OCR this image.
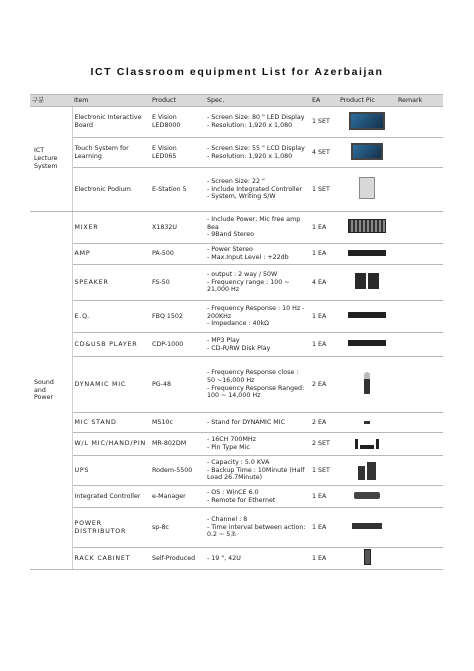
ICT Classroom equipment List for Azerbaijan
구분	Item	Product	Spec.	EA	Product Pic	Remark
ICT
Lecture
System	Electronic Interactive Board	E Vision LED8000	- Screen Size: 80 " LED Display
- Resolution: 1,920 x 1,080	1 SET		
	Touch System for Learning	E Vision LED065	- Screen Size: 55 " LCD Display
- Resolution: 1,920 x 1,080	4 SET		
	Electronic Podium	E-Station 5	- Screen Size: 22 "
- Include Integrated Controller
- System, Writing S/W	1 SET		
Sound
and
Power	MIXER	X1832U	- Include Power, Mic free amp 8ea
- 9Band Stereo	1 EA		
	AMP	PA-500	- Power Stereo
- Max.Input Level : +22db	1 EA		
	SPEAKER	FS-50	- output : 2 way / 50W
- Frequency range : 100 ~ 21,000 Hz	4 EA		
	E.Q.	FBQ 1502	- Frequency Response : 10 Hz - 200KHz
- Impedance : 40kΩ	1 EA		
	CD&USB PLAYER	CDP-1000	- MP3 Play
- CD-R/RW Disk Play	1 EA		
	DYNAMIC MIC	PG-48	- Frequency Response close : 50 ~16,000 Hz
- Frequency Response Ranged: 100 ~ 14,000 Hz	2 EA		
	MIC STAND	MS10c	- Stand for DYNAMIC MIC	2 EA		
	W/L MIC/HAND/PIN	MR-802DM	- 16CH 700MHz
- Pin Type Mic	2 SET		
	UPS	Rodem-5500	- Capacity : 5.0 KVA
- Backup Time : 10Minute (Half Load 26.7Minute)	1 SET		
	Integrated Controller	e-Manager	- OS : WinCE 6.0
- Remote for Ethernet	1 EA		
	POWER DISTRIBUTOR	sp-8c	- Channel : 8
- Time interval between action: 0.2 ~ 5초	1 EA		
	RACK CABINET	Self-Produced	- 19 ", 42U	1 EA		
